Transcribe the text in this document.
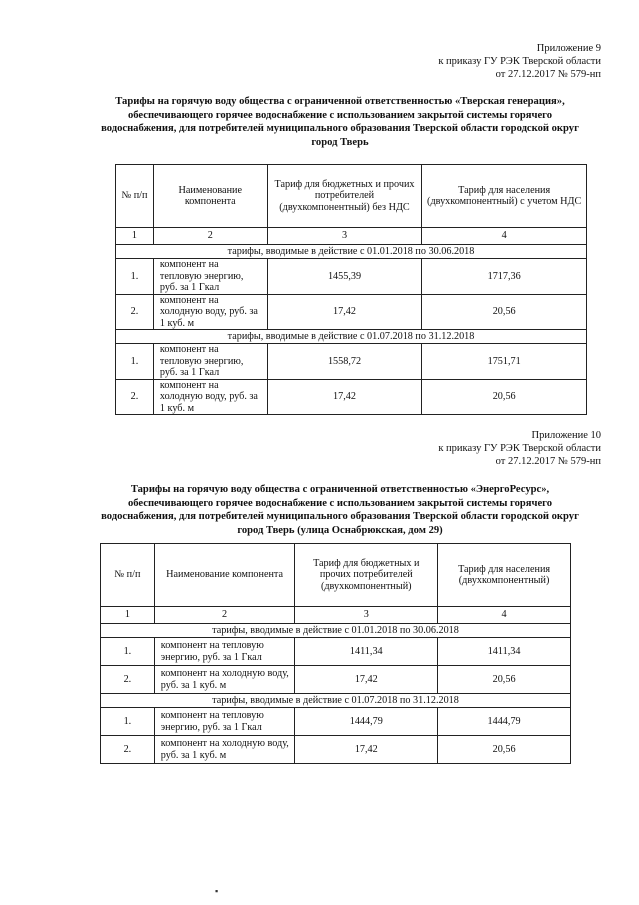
Приложение 9
к приказу ГУ РЭК Тверской области
от 27.12.2017 № 579-нп
Тарифы на горячую воду общества с ограниченной ответственностью «Тверская генерация», обеспечивающего горячее водоснабжение с использованием закрытой системы горячего водоснабжения, для потребителей муниципального образования Тверской области городской округ город Тверь
№ п/п	Наименование компонента	Тариф для бюджетных и прочих потребителей (двухкомпонентный) без НДС	Тариф для населения (двухкомпонентный) с учетом НДС
1	2	3	4
тарифы, вводимые в действие с 01.01.2018 по 30.06.2018			
1.	компонент на тепловую энергию, руб. за 1 Гкал	1455,39	1717,36
2.	компонент на холодную воду, руб. за 1 куб. м	17,42	20,56
тарифы, вводимые в действие с 01.07.2018 по 31.12.2018			
1.	компонент на тепловую энергию, руб. за 1 Гкал	1558,72	1751,71
2.	компонент на холодную воду, руб. за 1 куб. м	17,42	20,56
Приложение 10
к приказу ГУ РЭК Тверской области
от 27.12.2017 № 579-нп
Тарифы на горячую воду общества с ограниченной ответственностью «ЭнергоРесурс», обеспечивающего горячее водоснабжение с использованием закрытой системы горячего водоснабжения, для потребителей муниципального образования Тверской области городской округ город Тверь (улица Оснабрюкская, дом 29)
№ п/п	Наименование компонента	Тариф для бюджетных и прочих потребителей (двухкомпонентный)	Тариф для населения (двухкомпонентный)
1	2	3	4
тарифы, вводимые в действие с 01.01.2018 по 30.06.2018			
1.	компонент на тепловую энергию, руб. за 1 Гкал	1411,34	1411,34
2.	компонент на холодную воду, руб. за 1 куб. м	17,42	20,56
тарифы, вводимые в действие с 01.07.2018 по 31.12.2018			
1.	компонент на тепловую энергию, руб. за 1 Гкал	1444,79	1444,79
2.	компонент на холодную воду, руб. за 1 куб. м	17,42	20,56
▪
